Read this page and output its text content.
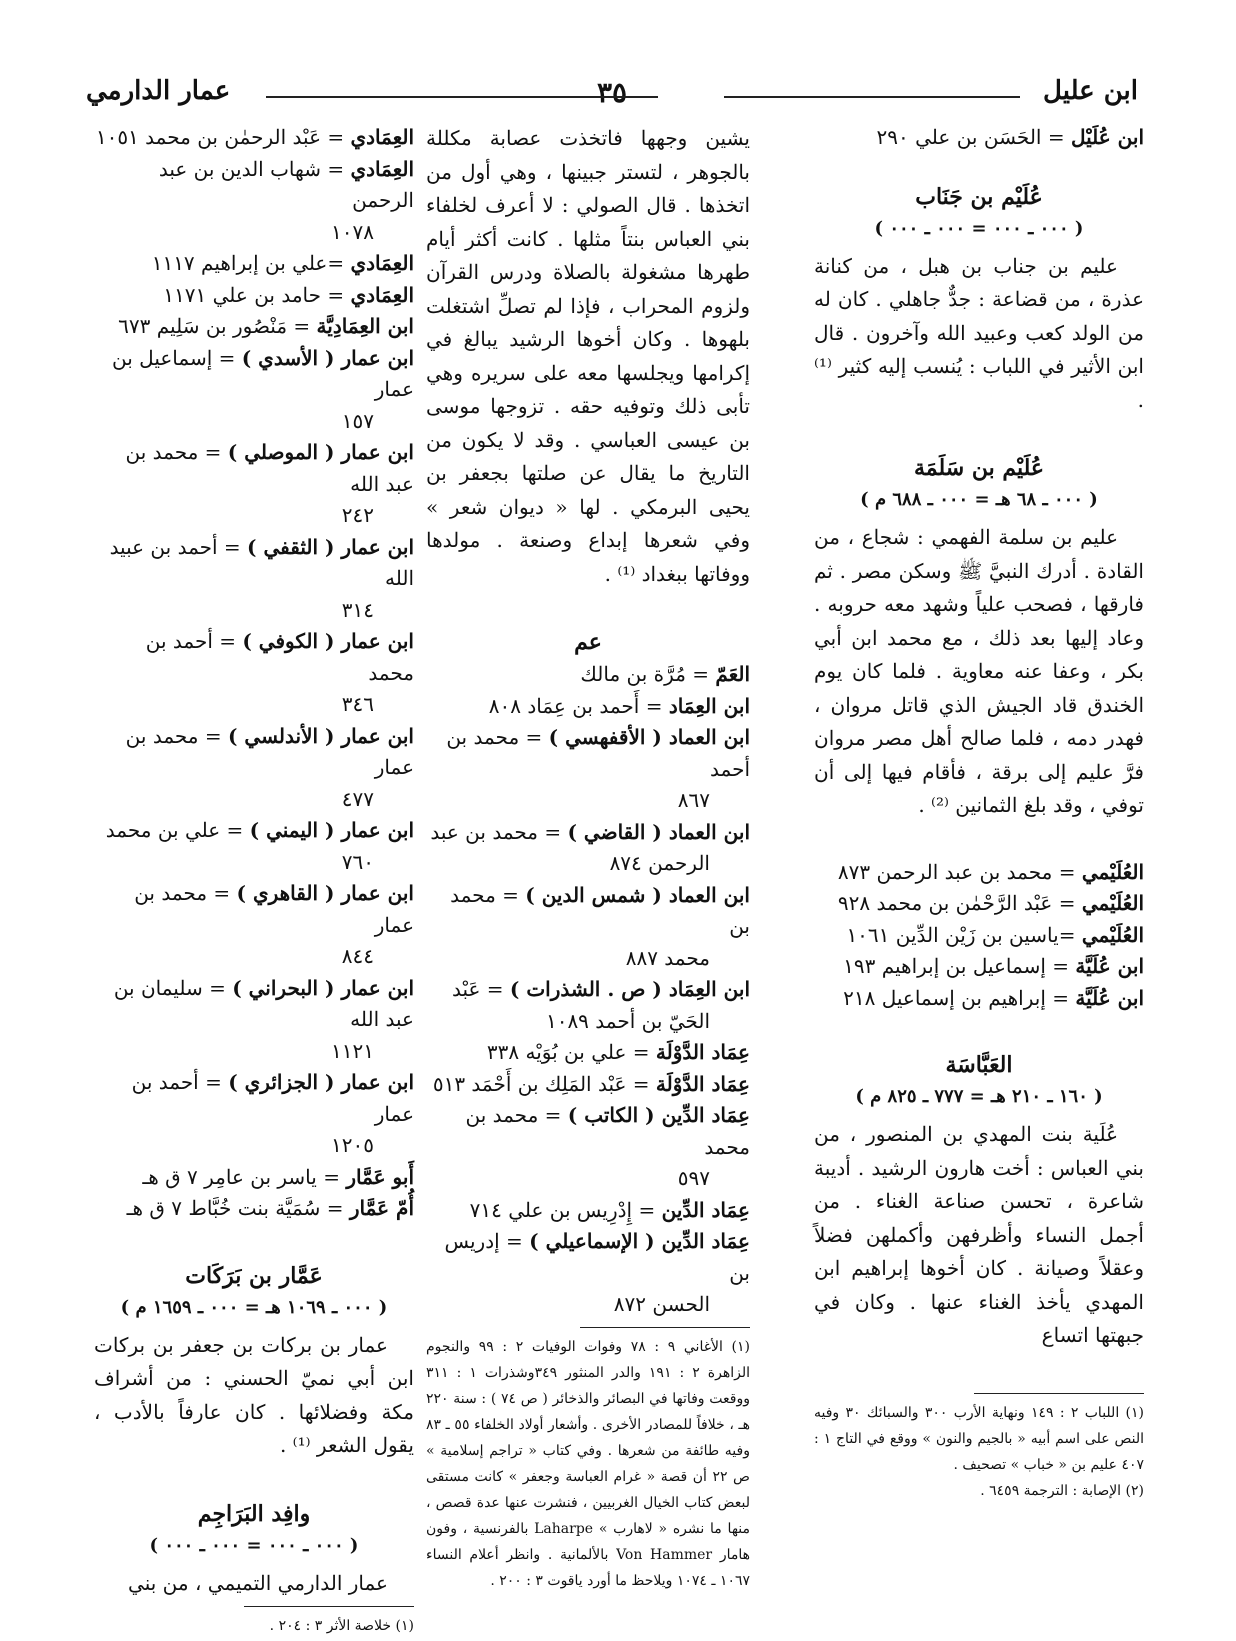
ابن عليل
٣٥
عمار الدارمي

ابن عُلَيْل = الحَسَن بن علي ٢٩٠

عُلَيْم بن جَنَاب

( ٠٠٠ ـ ٠٠٠ = ٠٠٠ ـ ٠٠٠ )

عليم بن جناب بن هبل ، من كنانة عذرة ، من قضاعة : جدٌّ جاهلي . كان له من الولد كعب وعبيد الله وآخرون . قال ابن الأثير في اللباب : يُنسب إليه كثير ⁽¹⁾ .

عُلَيْم بن سَلَمَة

( ٠٠٠ ـ ٦٨ هـ = ٠٠٠ ـ ٦٨٨ م )

عليم بن سلمة الفهمي : شجاع ، من القادة . أدرك النبيَّ ﷺ وسكن مصر . ثم فارقها ، فصحب علياً وشهد معه حروبه . وعاد إليها بعد ذلك ، مع محمد ابن أبي بكر ، وعفا عنه معاوية . فلما كان يوم الخندق قاد الجيش الذي قاتل مروان ، فهدر دمه ، فلما صالح أهل مصر مروان فرَّ عليم إلى برقة ، فأقام فيها إلى أن توفي ، وقد بلغ الثمانين ⁽²⁾ .

العُلَيْمي = محمد بن عبد الرحمن ٨٧٣

العُلَيْمي = عَبْد الرَّحْمٰن بن محمد ٩٢٨

العُلَيْمي =ياسين بن زَيْن الدِّين ١٠٦١

ابن عُلَيَّة = إسماعيل بن إبراهيم ١٩٣

ابن عُلَيَّة = إبراهيم بن إسماعيل ٢١٨

العَبَّاسَة

( ١٦٠ ـ ٢١٠ هـ = ٧٧٧ ـ ٨٢٥ م )

عُلَية بنت المهدي بن المنصور ، من بني العباس : أخت هارون الرشيد . أديبة شاعرة ، تحسن صناعة الغناء . من أجمل النساء وأظرفهن وأكملهن فضلاً وعقلاً وصيانة . كان أخوها إبراهيم ابن المهدي يأخذ الغناء عنها . وكان في جبهتها اتساع

(١) اللباب ٢ : ١٤٩ ونهاية الأرب ٣٠٠ والسبائك ٣٠ وفيه النص على اسم أبيه « بالجيم والنون » ووقع في التاج ١ : ٤٠٧ عليم بن « خباب » تصحيف .

(٢) الإصابة : الترجمة ٦٤٥٩ .

يشين وجهها فاتخذت عصابة مكللة بالجوهر ، لتستر جبينها ، وهي أول من اتخذها . قال الصولي : لا أعرف لخلفاء بني العباس بنتاً مثلها . كانت أكثر أيام طهرها مشغولة بالصلاة ودرس القرآن ولزوم المحراب ، فإذا لم تصلِّ اشتغلت بلهوها . وكان أخوها الرشيد يبالغ في إكرامها ويجلسها معه على سريره وهي تأبى ذلك وتوفيه حقه . تزوجها موسى بن عيسى العباسي . وقد لا يكون من التاريخ ما يقال عن صلتها بجعفر بن يحيى البرمكي . لها « ديوان شعر » وفي شعرها إبداع وصنعة . مولدها ووفاتها ببغداد ⁽¹⁾ .

عم

العَمّ = مُرَّة بن مالك

ابن العِمَاد = أَحمد بن عِمَاد ٨٠٨

ابن العماد ( الأقفهسي ) = محمد بن أحمد

٨٦٧

ابن العماد ( القاضي ) = محمد بن عبد

الرحمن ٨٧٤

ابن العماد ( شمس الدين ) = محمد بن

محمد ٨٨٧

ابن العِمَاد ( ص . الشذرات ) = عَبْد

الحَيّ بن أحمد ١٠٨٩

عِمَاد الدَّوْلَة = علي بن بُوَيْه ٣٣٨

عِمَاد الدَّوْلَة = عَبْد المَلِك بن أَحْمَد ٥١٣

عِمَاد الدِّين ( الكاتب ) = محمد بن محمد

٥٩٧

عِمَاد الدِّين = إِدْرِيس بن علي ٧١٤

عِمَاد الدِّين ( الإسماعيلي ) = إدريس بن

الحسن ٨٧٢

(١) الأغاني ٩ : ٧٨ وفوات الوفيات ٢ : ٩٩ والنجوم الزاهرة ٢ : ١٩١ والدر المنثور ٣٤٩وشذرات ١ : ٣١١ ووقعت وفاتها في البصائر والذخائر ( ص ٧٤ ) : سنة ٢٢٠ هـ ، خلافاً للمصادر الأخرى . وأشعار أولاد الخلفاء ٥٥ ـ ٨٣ وفيه طائفة من شعرها . وفي كتاب « تراجم إسلامية » ص ٢٢ أن قصة « غرام العباسة وجعفر » كانت مستقى لبعض كتاب الخيال الغربيين ، فنشرت عنها عدة قصص ، منها ما نشره « لاهارب » Laharpe بالفرنسية ، وفون هامار Von Hammer بالألمانية . وانظر أعلام النساء ١٠٦٧ ـ ١٠٧٤ ويلاحظ ما أورد ياقوت ٣ : ٢٠٠ .

العِمَادي = عَبْد الرحمٰن بن محمد ١٠٥١

العِمَادي = شهاب الدين بن عبد الرحمن

١٠٧٨

العِمَادي =علي بن إبراهيم ١١١٧

العِمَادي = حامد بن علي ١١٧١

ابن العِمَادِيَّة = مَنْصُور بن سَلِيم ٦٧٣

ابن عمار ( الأسدي ) = إسماعيل بن عمار

١٥٧

ابن عمار ( الموصلي ) = محمد بن عبد الله

٢٤٢

ابن عمار ( الثقفي ) = أحمد بن عبيد الله

٣١٤

ابن عمار ( الكوفي ) = أحمد بن محمد

٣٤٦

ابن عمار ( الأندلسي ) = محمد بن عمار

٤٧٧

ابن عمار ( اليمني ) = علي بن محمد

٧٦٠

ابن عمار ( القاهري ) = محمد بن عمار

٨٤٤

ابن عمار ( البحراني ) = سليمان بن عبد الله

١١٢١

ابن عمار ( الجزائري ) = أحمد بن عمار

١٢٠٥

أَبو عَمَّار = ياسر بن عامِر ٧ ق هـ

أُمّ عَمَّار = سُمَيَّة بنت خُبَّاط ٧ ق هـ

عَمَّار بن بَرَكَات

( ٠٠٠ ـ ١٠٦٩ هـ = ٠٠٠ ـ ١٦٥٩ م )

عمار بن بركات بن جعفر بن بركات ابن أبي نميّ الحسني : من أشراف مكة وفضلائها . كان عارفاً بالأدب ، يقول الشعر ⁽¹⁾ .

وافِد البَرَاجِم

( ٠٠٠ ـ ٠٠٠ = ٠٠٠ ـ ٠٠٠ )

عمار الدارمي التميمي ، من بني

(١) خلاصة الأثر ٣ : ٢٠٤ .
